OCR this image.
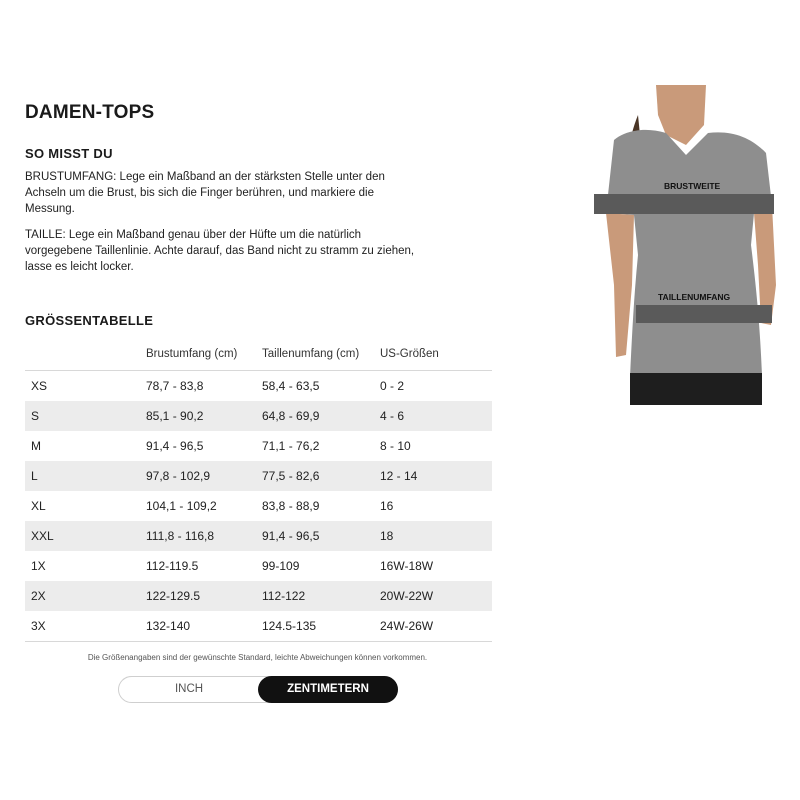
DAMEN-TOPS
SO MISST DU
BRUSTUMFANG: Lege ein Maßband an der stärksten Stelle unter den
Achseln um die Brust, bis sich die Finger berühren, und markiere die
Messung.
TAILLE: Lege ein Maßband genau über der Hüfte um die natürlich
vorgegebene Taillenlinie. Achte darauf, das Band nicht zu stramm zu ziehen,
lasse es leicht locker.
GRÖSSENTABELLE
Brustumfang (cm) Taillenumfang (cm) US-Größen
XS	78,7 - 83,8	58,4 - 63,5	0 - 2
S	85,1 - 90,2	64,8 - 69,9	4 - 6
M	91,4 - 96,5	71,1 - 76,2	8 - 10
L	97,8 - 102,9	77,5 - 82,6	12 - 14
XL	104,1 - 109,2	83,8 - 88,9	16
XXL	111,8 - 116,8	91,4 - 96,5	18
1X	112-119.5	99-109	16W-18W
2X	122-129.5	112-122	20W-22W
3X	132-140	124.5-135	24W-26W
Die Größenangaben sind der gewünschte Standard, leichte Abweichungen können vorkommen.
INCH	ZENTIMETERN
BRUSTWEITE
TAILLENUMFANG
